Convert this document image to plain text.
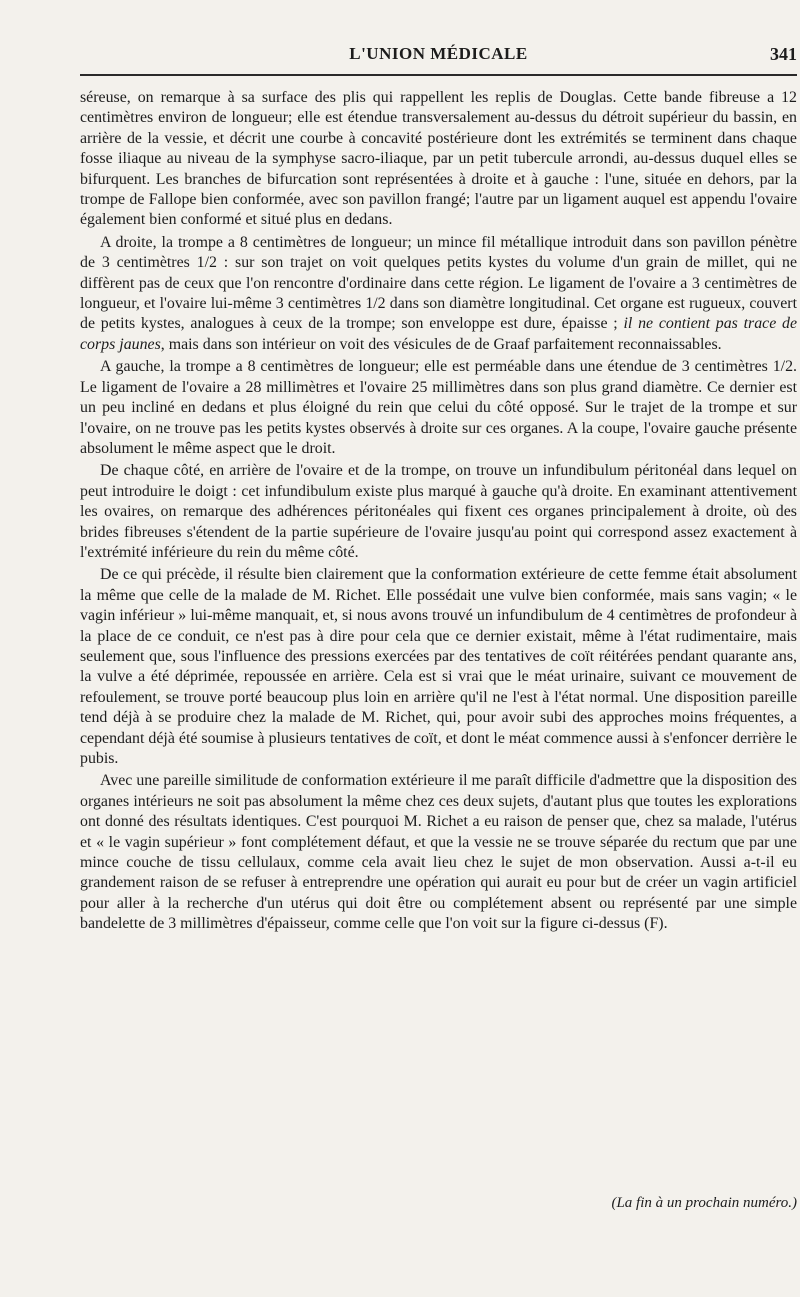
L'UNION MÉDICALE	341

séreuse, on remarque à sa surface des plis qui rappellent les replis de Douglas. Cette bande fibreuse a 12 centimètres environ de longueur; elle est étendue transversalement au-dessus du détroit supérieur du bassin, en arrière de la vessie, et décrit une courbe à concavité postérieure dont les extrémités se terminent dans chaque fosse iliaque au niveau de la symphyse sacro-iliaque, par un petit tubercule arrondi, au-dessus duquel elles se bifurquent. Les branches de bifurcation sont représentées à droite et à gauche : l'une, située en dehors, par la trompe de Fallope bien conformée, avec son pavillon frangé; l'autre par un ligament auquel est appendu l'ovaire également bien conformé et situé plus en dedans.

A droite, la trompe a 8 centimètres de longueur; un mince fil métallique introduit dans son pavillon pénètre de 3 centimètres 1/2 : sur son trajet on voit quelques petits kystes du volume d'un grain de millet, qui ne diffèrent pas de ceux que l'on rencontre d'ordinaire dans cette région. Le ligament de l'ovaire a 3 centimètres de longueur, et l'ovaire lui-même 3 centimètres 1/2 dans son diamètre longitudinal. Cet organe est rugueux, couvert de petits kystes, analogues à ceux de la trompe; son enveloppe est dure, épaisse ; il ne contient pas trace de corps jaunes, mais dans son intérieur on voit des vésicules de de Graaf parfaitement reconnaissables.

A gauche, la trompe a 8 centimètres de longueur; elle est perméable dans une étendue de 3 centimètres 1/2. Le ligament de l'ovaire a 28 millimètres et l'ovaire 25 millimètres dans son plus grand diamètre. Ce dernier est un peu incliné en dedans et plus éloigné du rein que celui du côté opposé. Sur le trajet de la trompe et sur l'ovaire, on ne trouve pas les petits kystes observés à droite sur ces organes. A la coupe, l'ovaire gauche présente absolument le même aspect que le droit.

De chaque côté, en arrière de l'ovaire et de la trompe, on trouve un infundibulum péritonéal dans lequel on peut introduire le doigt : cet infundibulum existe plus marqué à gauche qu'à droite. En examinant attentivement les ovaires, on remarque des adhérences péritonéales qui fixent ces organes principalement à droite, où des brides fibreuses s'étendent de la partie supérieure de l'ovaire jusqu'au point qui correspond assez exactement à l'extrémité inférieure du rein du même côté.

De ce qui précède, il résulte bien clairement que la conformation extérieure de cette femme était absolument la même que celle de la malade de M. Richet. Elle possédait une vulve bien conformée, mais sans vagin; « le vagin inférieur » lui-même manquait, et, si nous avons trouvé un infundibulum de 4 centimètres de profondeur à la place de ce conduit, ce n'est pas à dire pour cela que ce dernier existait, même à l'état rudimentaire, mais seulement que, sous l'influence des pressions exercées par des tentatives de coït réitérées pendant quarante ans, la vulve a été déprimée, repoussée en arrière. Cela est si vrai que le méat urinaire, suivant ce mouvement de refoulement, se trouve porté beaucoup plus loin en arrière qu'il ne l'est à l'état normal. Une disposition pareille tend déjà à se produire chez la malade de M. Richet, qui, pour avoir subi des approches moins fréquentes, a cependant déjà été soumise à plusieurs tentatives de coït, et dont le méat commence aussi à s'enfoncer derrière le pubis.

Avec une pareille similitude de conformation extérieure il me paraît difficile d'admettre que la disposition des organes intérieurs ne soit pas absolument la même chez ces deux sujets, d'autant plus que toutes les explorations ont donné des résultats identiques. C'est pourquoi M. Richet a eu raison de penser que, chez sa malade, l'utérus et « le vagin supérieur » font complétement défaut, et que la vessie ne se trouve séparée du rectum que par une mince couche de tissu cellulaux, comme cela avait lieu chez le sujet de mon observation. Aussi a-t-il eu grandement raison de se refuser à entreprendre une opération qui aurait eu pour but de créer un vagin artificiel pour aller à la recherche d'un utérus qui doit être ou complétement absent ou représenté par une simple bandelette de 3 millimètres d'épaisseur, comme celle que l'on voit sur la figure ci-dessus (F).

(La fin à un prochain numéro.)
